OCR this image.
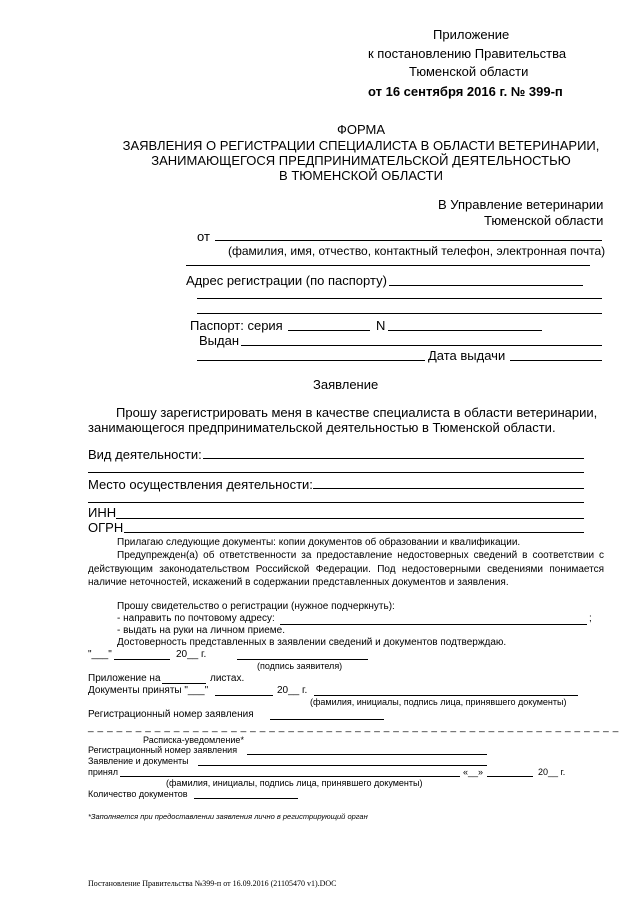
Приложение
к постановлению Правительства
Тюменской области
от 16 сентября 2016 г. № 399-п
ФОРМА
ЗАЯВЛЕНИЯ О РЕГИСТРАЦИИ СПЕЦИАЛИСТА В ОБЛАСТИ ВЕТЕРИНАРИИ,
ЗАНИМАЮЩЕГОСЯ ПРЕДПРИНИМАТЕЛЬСКОЙ ДЕЯТЕЛЬНОСТЬЮ
В ТЮМЕНСКОЙ ОБЛАСТИ
В Управление ветеринарии
Тюменской области
от
(фамилия, имя, отчество, контактный телефон, электронная почта)
Адрес регистрации (по паспорту)
Паспорт: серия	N
Выдан
Дата выдачи
Заявление
Прошу зарегистрировать меня в качестве специалиста в области ветеринарии,
занимающегося предпринимательской деятельностью в Тюменской области.
Вид деятельности:
Место осуществления деятельности:
ИНН
ОГРН
Прилагаю следующие документы: копии документов об образовании и квалификации.
Предупрежден(а) об ответственности за предоставление недостоверных сведений в соответствии с действующим законодательством Российской Федерации. Под недостоверными сведениями понимается наличие неточностей, искажений в содержании представленных документов и заявления.
Прошу свидетельство о регистрации (нужное подчеркнуть):
- направить по почтовому адресу:	;
- выдать на руки на личном приеме.
Достоверность представленных в заявлении сведений и документов подтверждаю.
"___"	20__ г.
(подпись заявителя)
Приложение на	листах.
Документы приняты "___"	20__ г.
(фамилия, инициалы, подпись лица, принявшего документы)
Регистрационный номер заявления
_ _ _ _ _ _ _ _ _ _ _ _ _ _ _ _ _ _ _ _ _ _ _ _ _ _ _ _ _ _ _ _ _ _ _ _ _ _ _ _ _ _ _ _ _ _ _ _ _ _ _ _ _ _ _ _
Расписка-уведомление*
Регистрационный номер заявления
Заявление и документы
принял	«__»	20__ г.
(фамилия, инициалы, подпись лица, принявшего документы)
Количество документов
*Заполняется при предоставлении заявления лично в регистрирующий орган
Постановление Правительства №399-п от 16.09.2016 (21105470 v1).DOC
